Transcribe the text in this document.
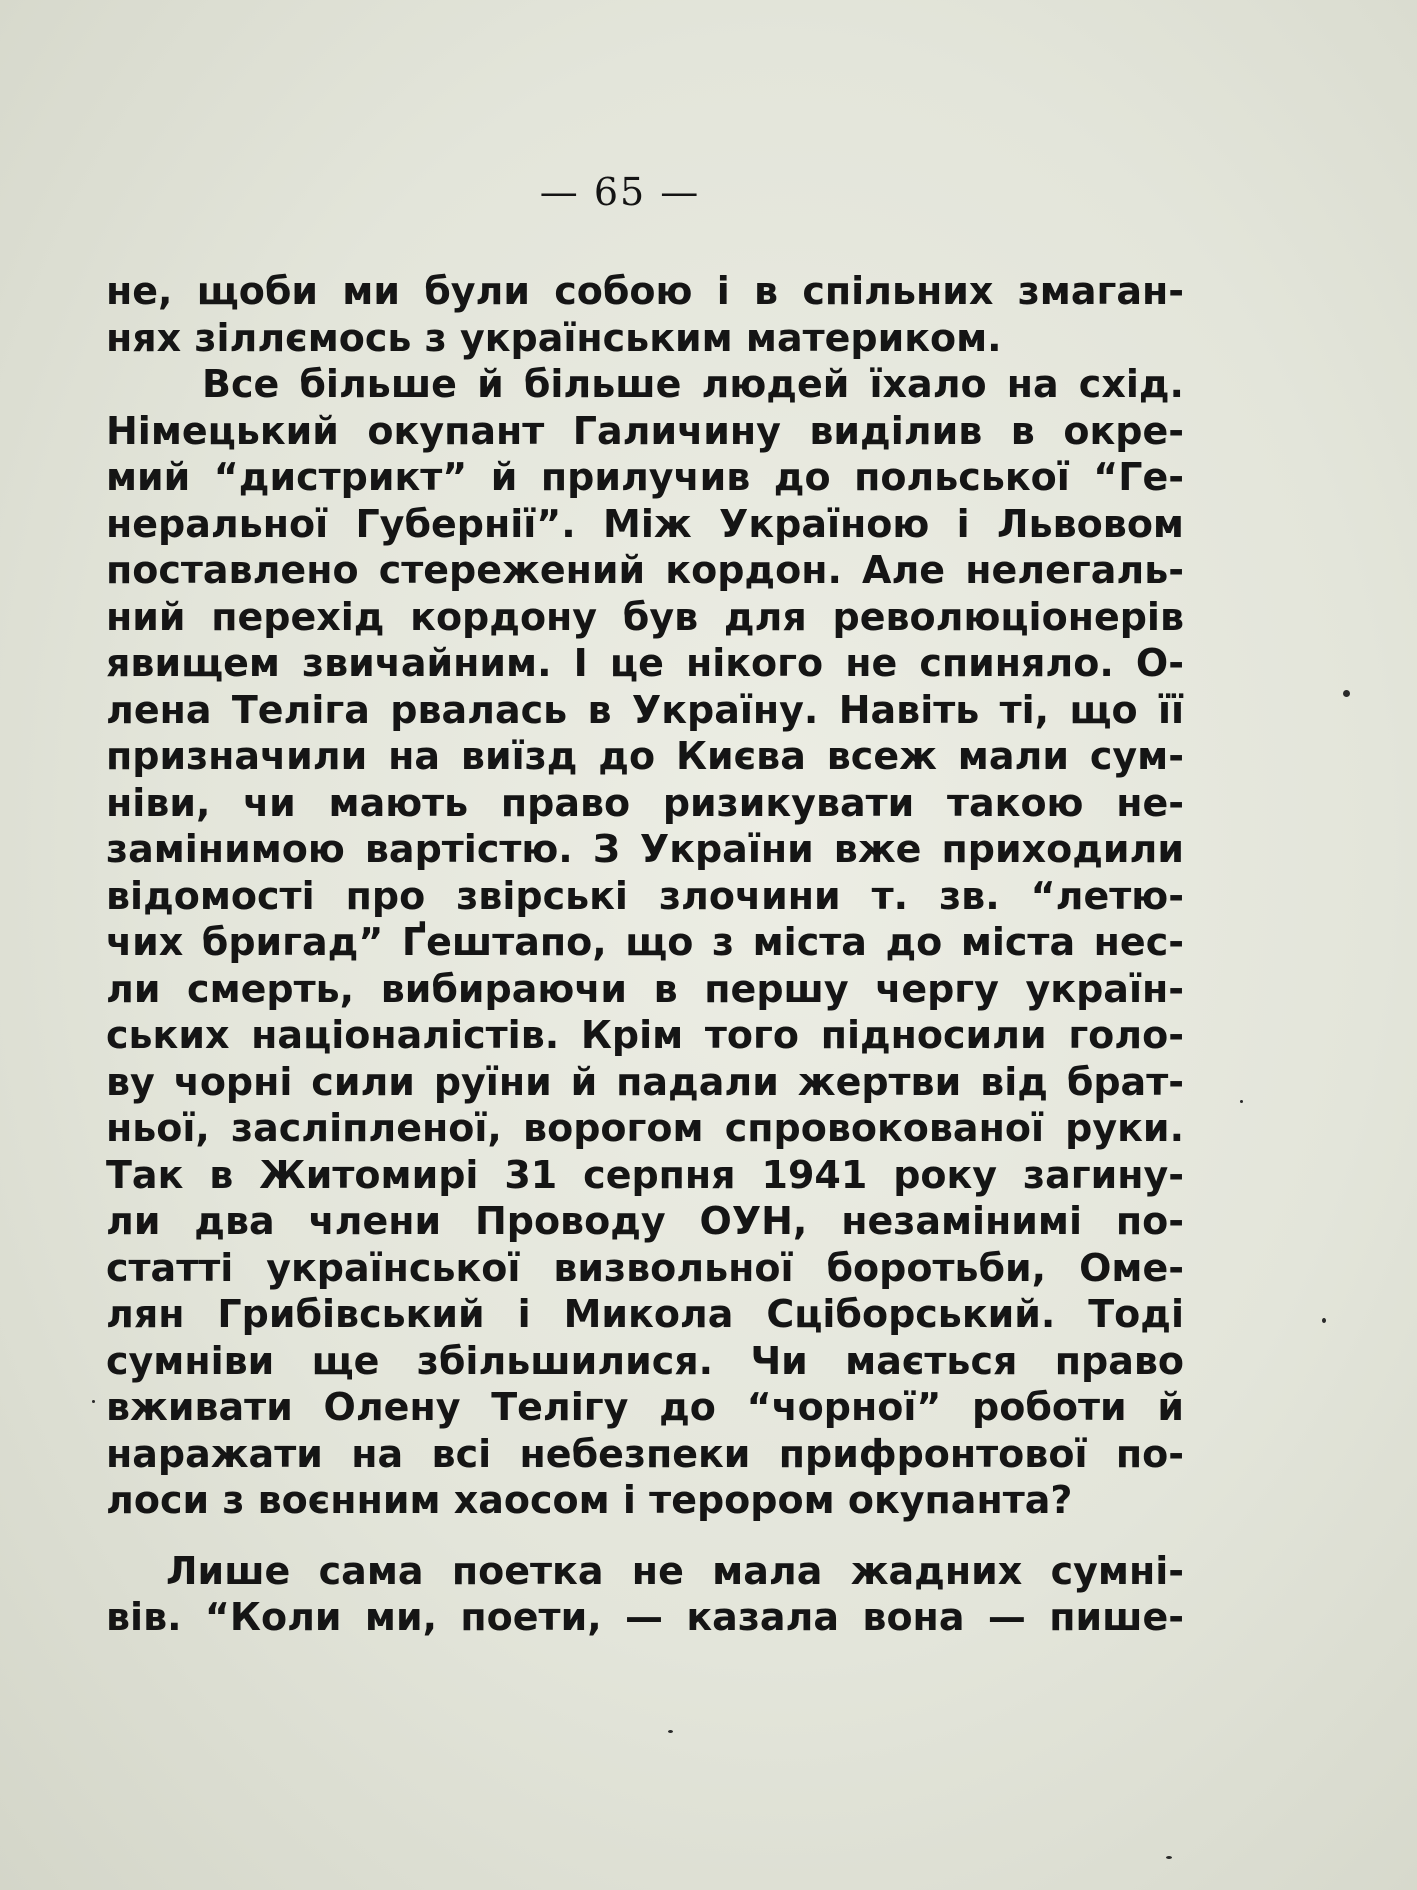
— 65 —
не, щоби ми були собою і в спільних змаган-
нях зіллємось з українським материком.
Все більше й більше людей їхало на схід.
Німецький окупант Галичину виділив в окре-
мий “дистрикт” й прилучив до польської “Ге-
неральної Губернії”. Між Україною і Львовом
поставлено стережений кордон. Але нелегаль-
ний перехід кордону був для революціонерів
явищем звичайним. І це нікого не спиняло. О-
лена Теліга рвалась в Україну. Навіть ті, що її
призначили на виїзд до Києва всеж мали сум-
ніви, чи мають право ризикувати такою не-
замінимою вартістю. З України вже приходили
відомості про звірські злочини т. зв. “летю-
чих бригад” Ґештапо, що з міста до міста нес-
ли смерть, вибираючи в першу чергу україн-
ських націоналістів. Крім того підносили голо-
ву чорні сили руїни й падали жертви від брат-
ньої, засліпленої, ворогом спровокованої руки.
Так в Житомирі 31 серпня 1941 року загину-
ли два члени Проводу ОУН, незамінимі по-
статті української визвольної боротьби, Оме-
лян Грибівський і Микола Сціборський. Тоді
сумніви ще збільшилися. Чи мається право
вживати Олену Телігу до “чорної” роботи й
наражати на всі небезпеки прифронтової по-
лоси з воєнним хаосом і терором окупанта?
Лише сама поетка не мала жадних сумні-
вів. “Коли ми, поети, — казала вона — пише-
